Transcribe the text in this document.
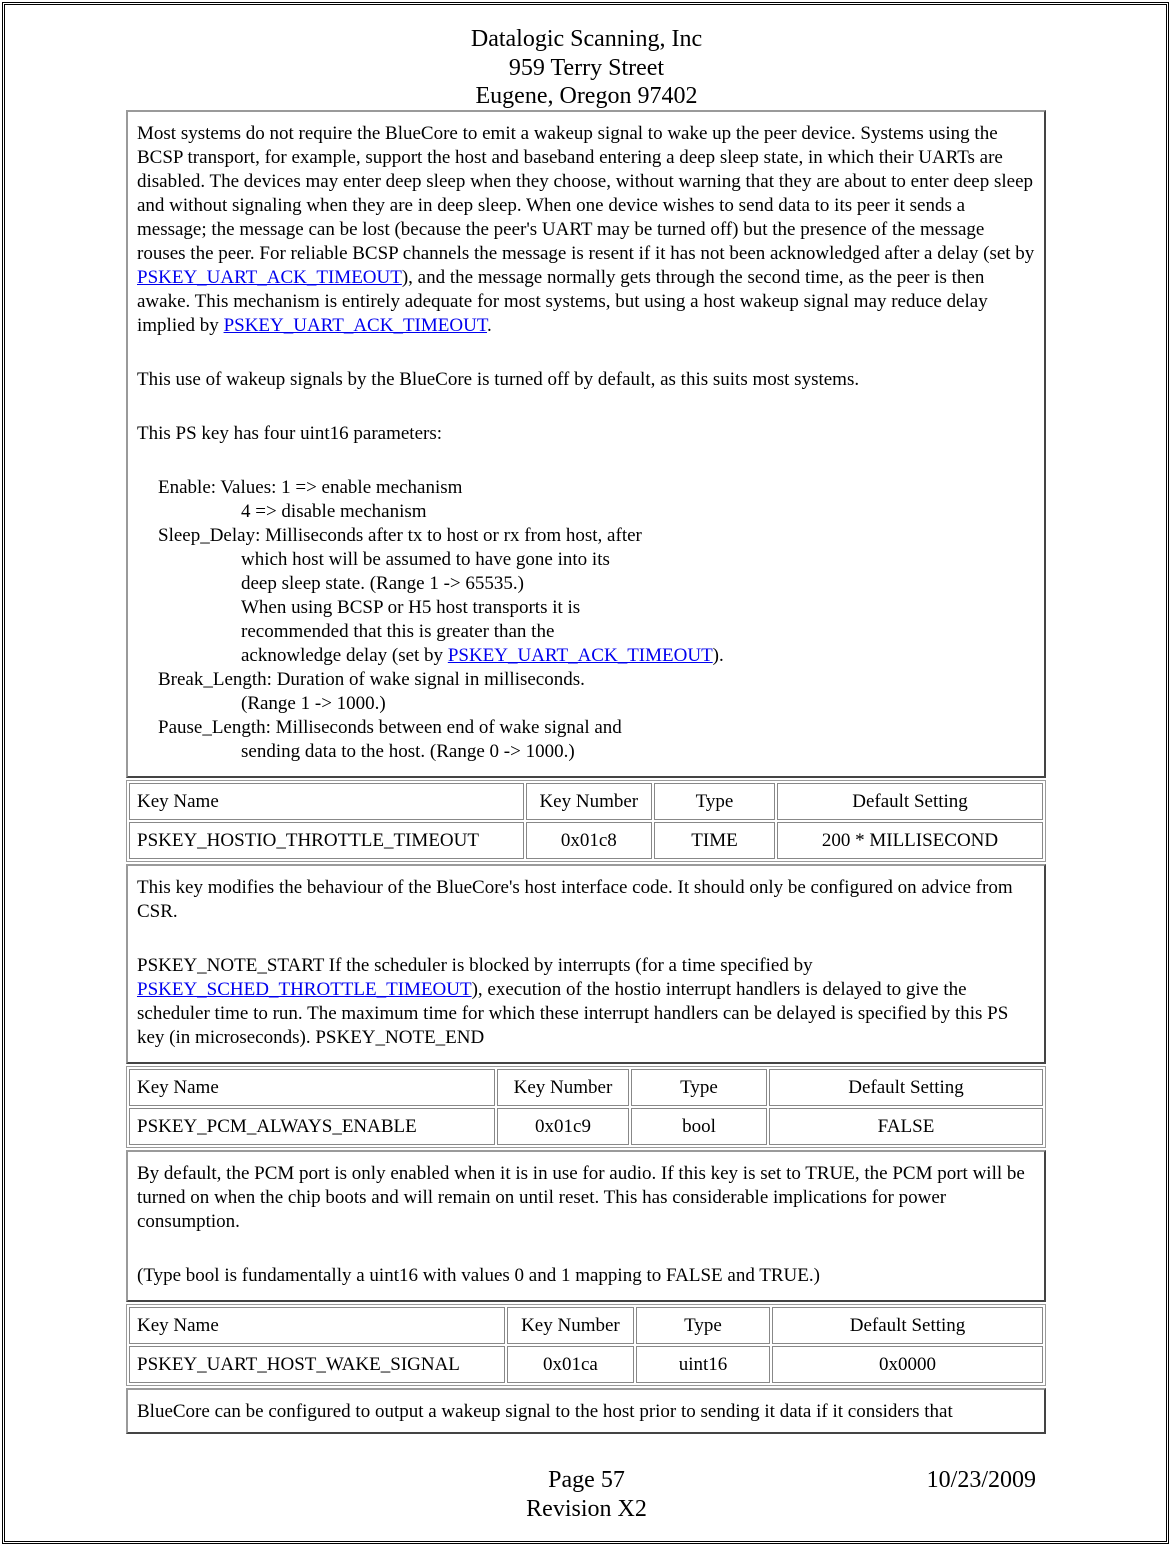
Datalogic Scanning, Inc
959 Terry Street
Eugene, Oregon 97402

Most systems do not require the BlueCore to emit a wakeup signal to wake up the peer device. Systems using the BCSP transport, for example, support the host and baseband entering a deep sleep state, in which their UARTs are disabled. The devices may enter deep sleep when they choose, without warning that they are about to enter deep sleep and without signaling when they are in deep sleep. When one device wishes to send data to its peer it sends a message; the message can be lost (because the peer's UART may be turned off) but the presence of the message rouses the peer. For reliable BCSP channels the message is resent if it has not been acknowledged after a delay (set by PSKEY_UART_ACK_TIMEOUT), and the message normally gets through the second time, as the peer is then awake. This mechanism is entirely adequate for most systems, but using a host wakeup signal may reduce delay implied by PSKEY_UART_ACK_TIMEOUT.

This use of wakeup signals by the BlueCore is turned off by default, as this suits most systems.

This PS key has four uint16 parameters:

Enable: Values: 1 => enable mechanism
4 => disable mechanism
Sleep_Delay: Milliseconds after tx to host or rx from host, after
which host will be assumed to have gone into its
deep sleep state. (Range 1 -> 65535.)
When using BCSP or H5 host transports it is
recommended that this is greater than the
acknowledge delay (set by PSKEY_UART_ACK_TIMEOUT).
Break_Length: Duration of wake signal in milliseconds.
(Range 1 -> 1000.)
Pause_Length: Milliseconds between end of wake signal and
sending data to the host. (Range 0 -> 1000.)
Key Name	Key Number	Type	Default Setting
PSKEY_HOSTIO_THROTTLE_TIMEOUT	0x01c8	TIME	200 * MILLISECOND

This key modifies the behaviour of the BlueCore's host interface code. It should only be configured on advice from CSR.

PSKEY_NOTE_START If the scheduler is blocked by interrupts (for a time specified by PSKEY_SCHED_THROTTLE_TIMEOUT), execution of the hostio interrupt handlers is delayed to give the scheduler time to run. The maximum time for which these interrupt handlers can be delayed is specified by this PS key (in microseconds). PSKEY_NOTE_END

Key Name	Key Number	Type	Default Setting
PSKEY_PCM_ALWAYS_ENABLE	0x01c9	bool	FALSE

By default, the PCM port is only enabled when it is in use for audio. If this key is set to TRUE, the PCM port will be turned on when the chip boots and will remain on until reset. This has considerable implications for power consumption.

(Type bool is fundamentally a uint16 with values 0 and 1 mapping to FALSE and TRUE.)

Key Name	Key Number	Type	Default Setting
PSKEY_UART_HOST_WAKE_SIGNAL	0x01ca	uint16	0x0000

BlueCore can be configured to output a wakeup signal to the host prior to sending it data if it considers that

Page 57
Revision X2
10/23/2009
